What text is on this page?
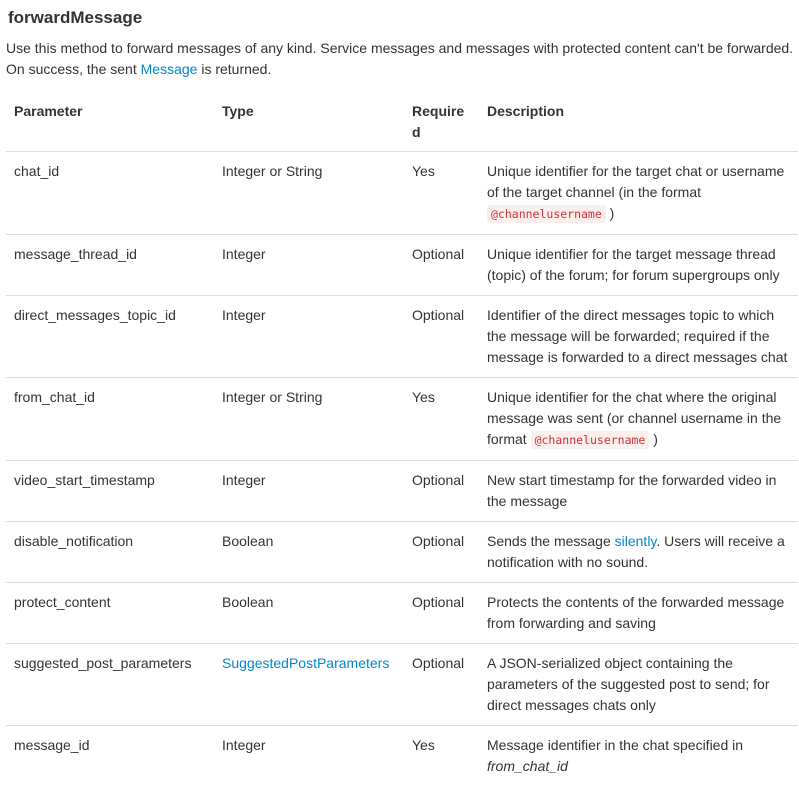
forwardMessage

Use this method to forward messages of any kind. Service messages and messages with protected content can't be forwarded. On success, the sent Message is returned.

Parameter	Type	Required	Description
chat_id	Integer or String	Yes	Unique identifier for the target chat or username of the target channel (in the format @channelusername )
message_thread_id	Integer	Optional	Unique identifier for the target message thread (topic) of the forum; for forum supergroups only
direct_messages_topic_id	Integer	Optional	Identifier of the direct messages topic to which the message will be forwarded; required if the message is forwarded to a direct messages chat
from_chat_id	Integer or String	Yes	Unique identifier for the chat where the original message was sent (or channel username in the format @channelusername )
video_start_timestamp	Integer	Optional	New start timestamp for the forwarded video in the message
disable_notification	Boolean	Optional	Sends the message silently. Users will receive a notification with no sound.
protect_content	Boolean	Optional	Protects the contents of the forwarded message from forwarding and saving
suggested_post_parameters	SuggestedPostParameters	Optional	A JSON-serialized object containing the parameters of the suggested post to send; for direct messages chats only
message_id	Integer	Yes	Message identifier in the chat specified in from_chat_id
